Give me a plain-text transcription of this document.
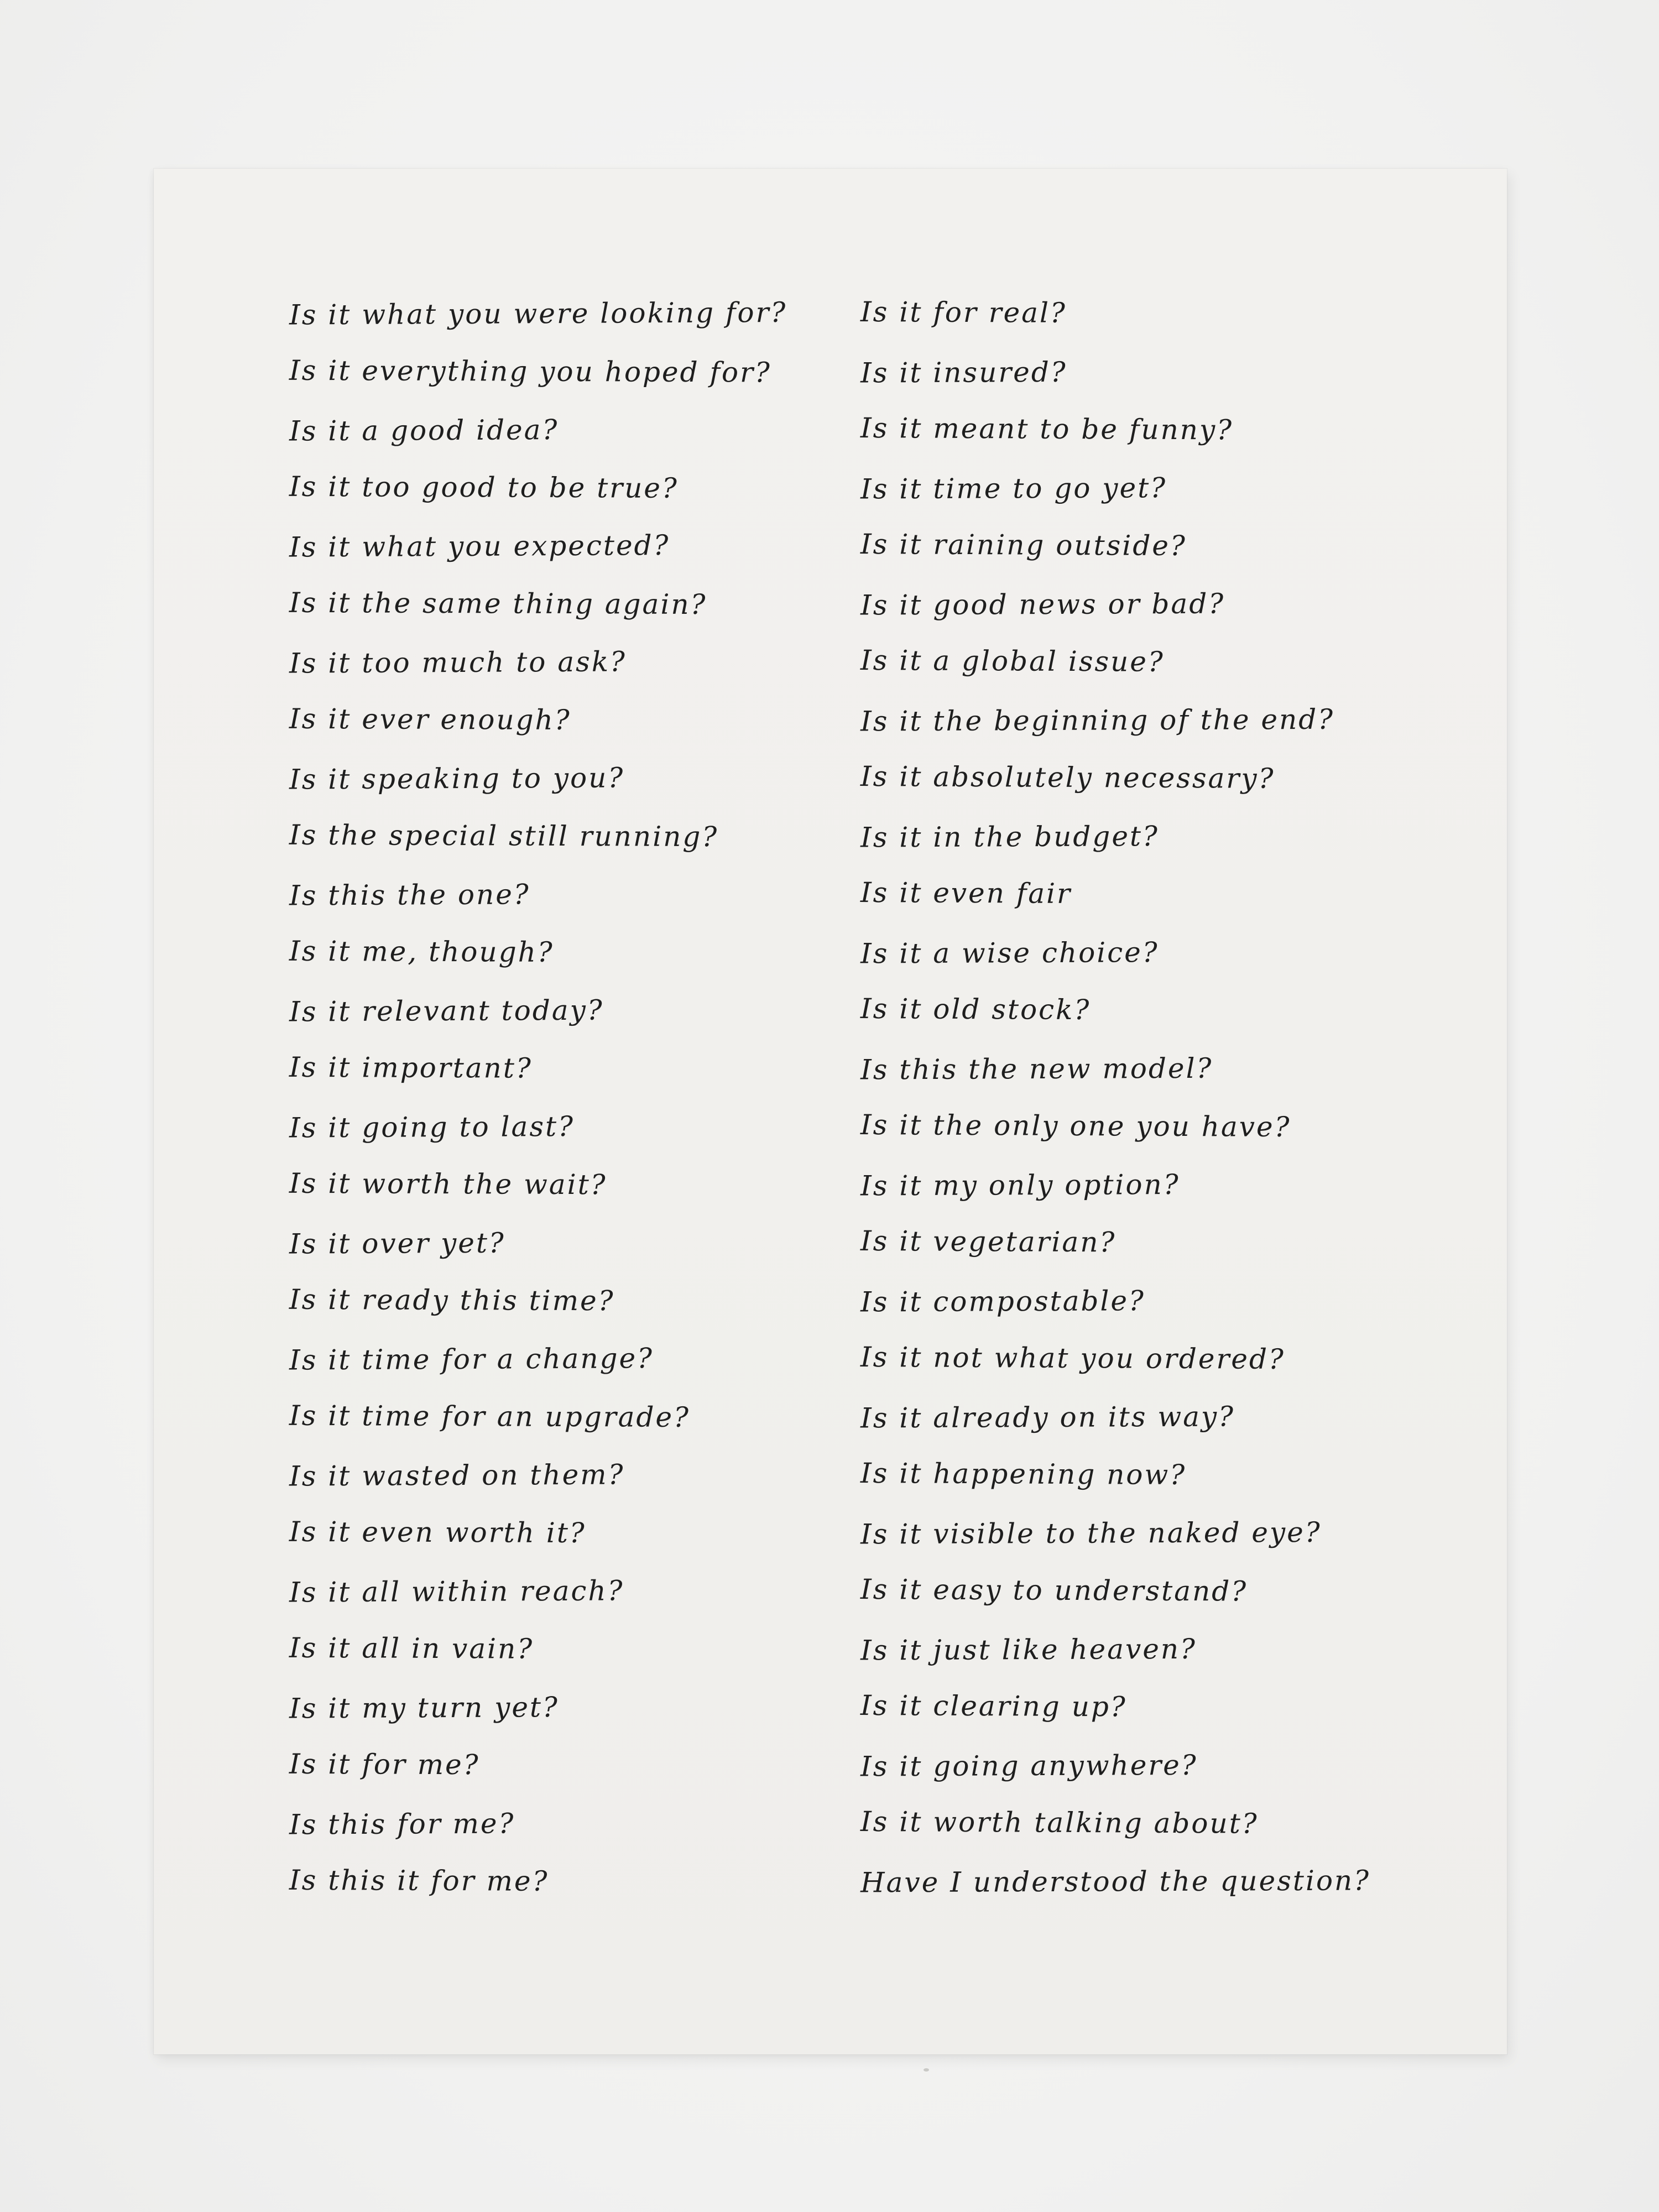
Is it what you were looking for?
Is it everything you hoped for?
Is it a good idea?
Is it too good to be true?
Is it what you expected?
Is it the same thing again?
Is it too much to ask?
Is it ever enough?
Is it speaking to you?
Is the special still running?
Is this the one?
Is it me, though?
Is it relevant today?
Is it important?
Is it going to last?
Is it worth the wait?
Is it over yet?
Is it ready this time?
Is it time for a change?
Is it time for an upgrade?
Is it wasted on them?
Is it even worth it?
Is it all within reach?
Is it all in vain?
Is it my turn yet?
Is it for me?
Is this for me?
Is this it for me?
Is it for real?
Is it insured?
Is it meant to be funny?
Is it time to go yet?
Is it raining outside?
Is it good news or bad?
Is it a global issue?
Is it the beginning of the end?
Is it absolutely necessary?
Is it in the budget?
Is it even fair
Is it a wise choice?
Is it old stock?
Is this the new model?
Is it the only one you have?
Is it my only option?
Is it vegetarian?
Is it compostable?
Is it not what you ordered?
Is it already on its way?
Is it happening now?
Is it visible to the naked eye?
Is it easy to understand?
Is it just like heaven?
Is it clearing up?
Is it going anywhere?
Is it worth talking about?
Have I understood the question?
